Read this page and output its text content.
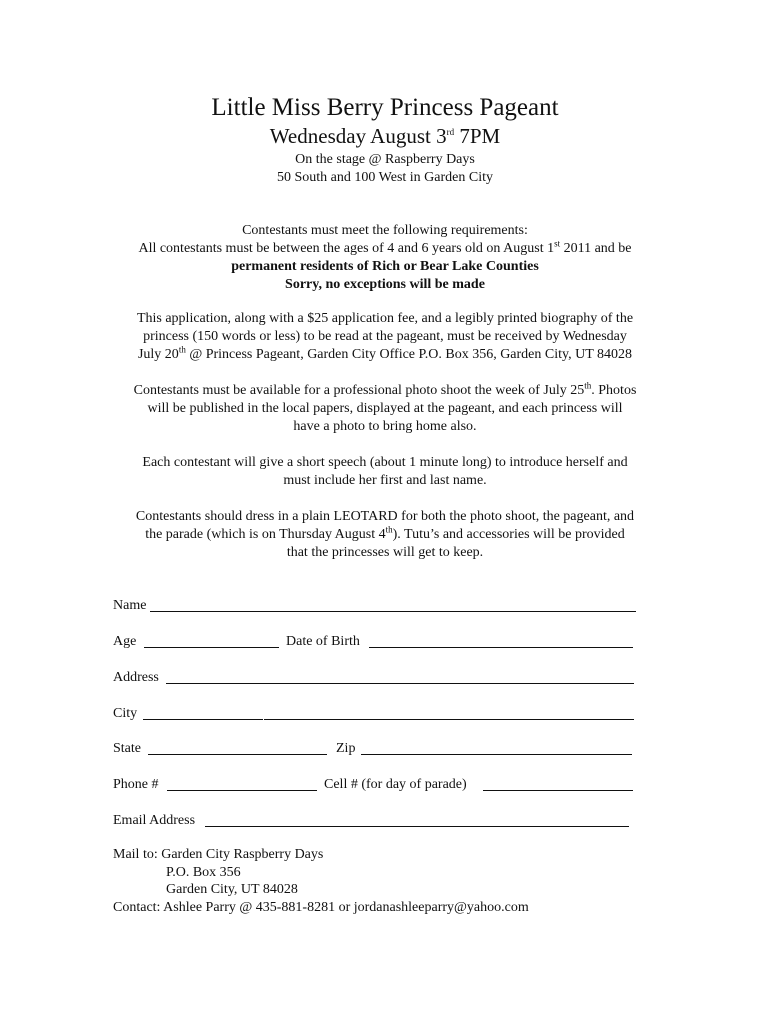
Little Miss Berry Princess Pageant
Wednesday August 3rd 7PM
On the stage @ Raspberry Days
50 South and 100 West in Garden City
Contestants must meet the following requirements:
All contestants must be between the ages of 4 and 6 years old on August 1st 2011 and be
permanent residents of Rich or Bear Lake Counties
Sorry, no exceptions will be made
This application, along with a $25 application fee, and a legibly printed biography of the
princess (150 words or less) to be read at the pageant, must be received by Wednesday
July 20th @ Princess Pageant, Garden City Office P.O. Box 356, Garden City, UT 84028
Contestants must be available for a professional photo shoot the week of July 25th. Photos
will be published in the local papers, displayed at the pageant, and each princess will
have a photo to bring home also.
Each contestant will give a short speech (about 1 minute long) to introduce herself and
must include her first and last name.
Contestants should dress in a plain LEOTARD for both the photo shoot, the pageant, and
the parade (which is on Thursday August 4th). Tutu’s and accessories will be provided
that the princesses will get to keep.
Name
Age	Date of Birth
Address
City
State	Zip
Phone #	Cell # (for day of parade)
Email Address
Mail to: Garden City Raspberry Days
P.O. Box 356
Garden City, UT 84028
Contact: Ashlee Parry @ 435-881-8281 or jordanashleeparry@yahoo.com
